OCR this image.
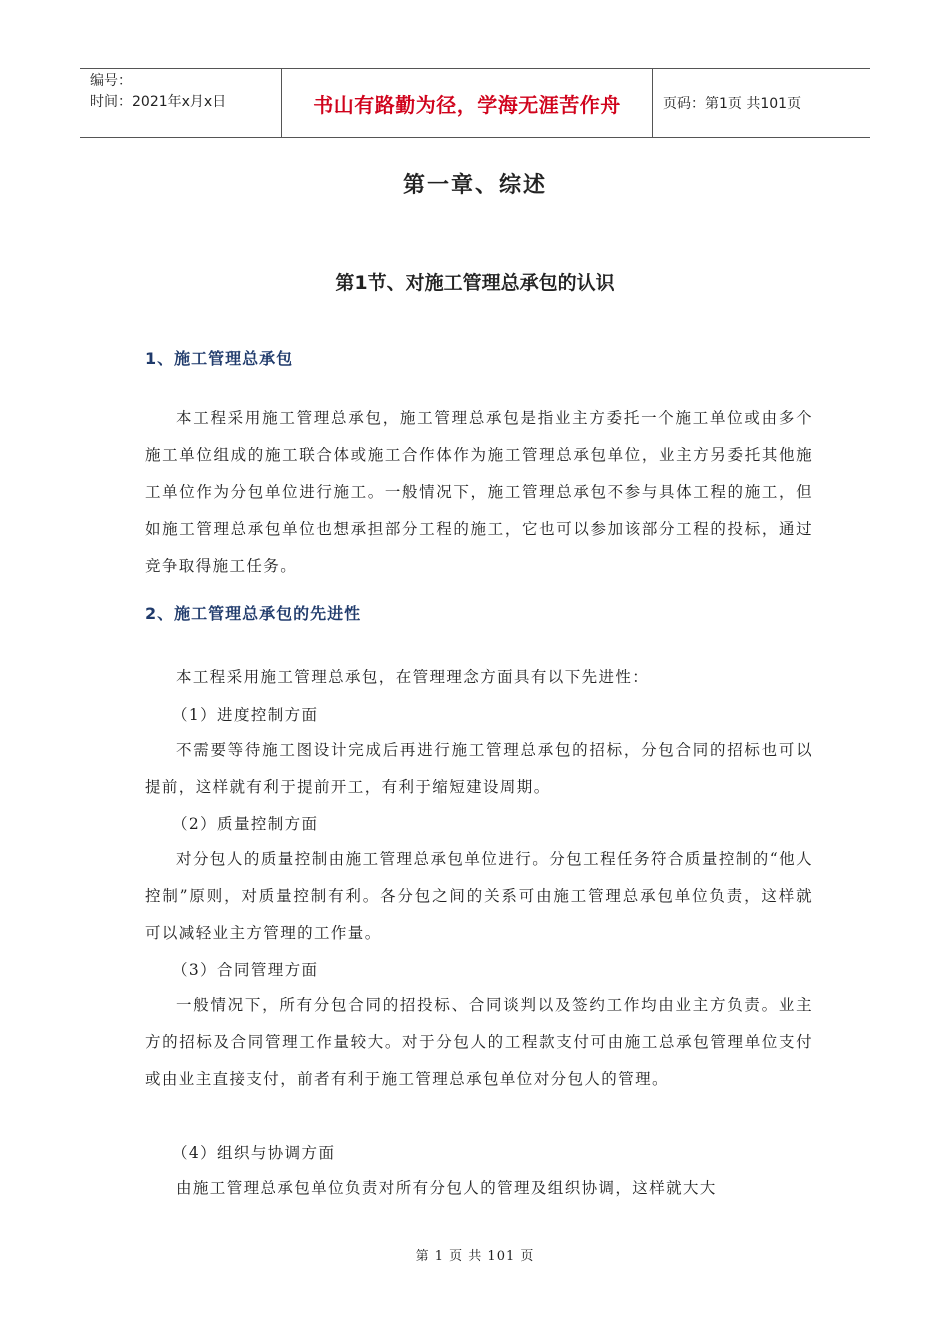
编号：
时间：2021年x月x日	书山有路勤为径，学海无涯苦作舟	页码：第1页 共101页
第一章、综述
第1节、对施工管理总承包的认识
1、施工管理总承包
本工程采用施工管理总承包，施工管理总承包是指业主方委托一个施工单位或由多个施工单位组成的施工联合体或施工合作体作为施工管理总承包单位，业主方另委托其他施工单位作为分包单位进行施工。一般情况下，施工管理总承包不参与具体工程的施工，但如施工管理总承包单位也想承担部分工程的施工，它也可以参加该部分工程的投标，通过竞争取得施工任务。
2、施工管理总承包的先进性
本工程采用施工管理总承包，在管理理念方面具有以下先进性：
（1）进度控制方面
不需要等待施工图设计完成后再进行施工管理总承包的招标，分包合同的招标也可以提前，这样就有利于提前开工，有利于缩短建设周期。
（2）质量控制方面
对分包人的质量控制由施工管理总承包单位进行。分包工程任务符合质量控制的“他人控制”原则，对质量控制有利。各分包之间的关系可由施工管理总承包单位负责，这样就可以减轻业主方管理的工作量。
（3）合同管理方面
一般情况下，所有分包合同的招投标、合同谈判以及签约工作均由业主方负责。业主方的招标及合同管理工作量较大。对于分包人的工程款支付可由施工总承包管理单位支付或由业主直接支付，前者有利于施工管理总承包单位对分包人的管理。
（4）组织与协调方面
由施工管理总承包单位负责对所有分包人的管理及组织协调，这样就大大
第 1 页 共 101 页
